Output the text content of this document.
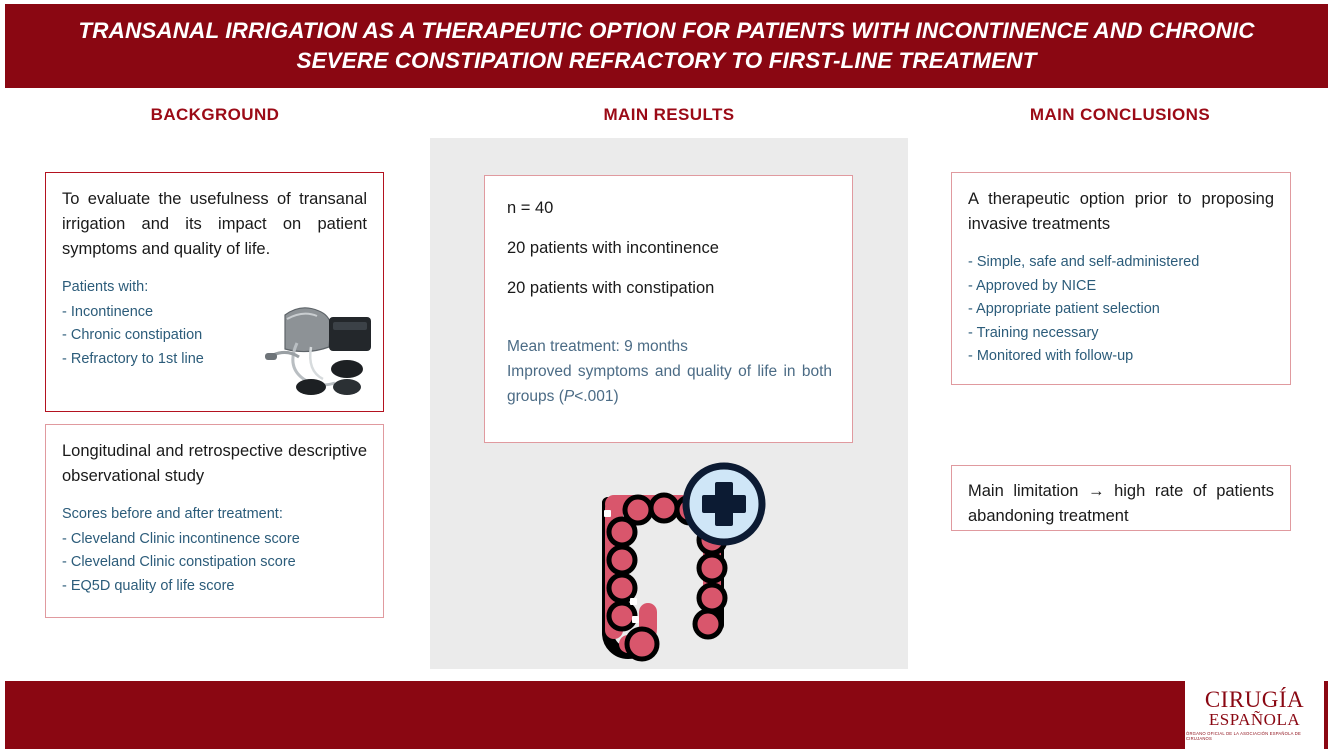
TRANSANAL IRRIGATION AS A THERAPEUTIC OPTION FOR PATIENTS WITH INCONTINENCE AND CHRONIC SEVERE CONSTIPATION REFRACTORY TO FIRST-LINE TREATMENT
BACKGROUND	MAIN RESULTS	MAIN CONCLUSIONS
To evaluate the usefulness of transanal irrigation and its impact on patient symptoms and quality of life.
Patients with:
- Incontinence
- Chronic constipation
- Refractory to 1st line
Longitudinal and retrospective descriptive observational study
Scores before and after treatment:
- Cleveland Clinic incontinence score
- Cleveland Clinic constipation score
- EQ5D quality of life score
n = 40
20 patients with incontinence
20 patients with constipation
Mean treatment: 9 months
Improved symptoms and quality of life in both groups (P<.001)
A therapeutic option prior to proposing invasive treatments
- Simple, safe and self-administered
- Approved by NICE
- Appropriate patient selection
- Training necessary
- Monitored with follow-up
Main limitation → high rate of patients abandoning treatment
CIRUGÍA
ESPAÑOLA
ÓRGANO OFICIAL DE LA ASOCIACIÓN ESPAÑOLA DE CIRUJANOS
